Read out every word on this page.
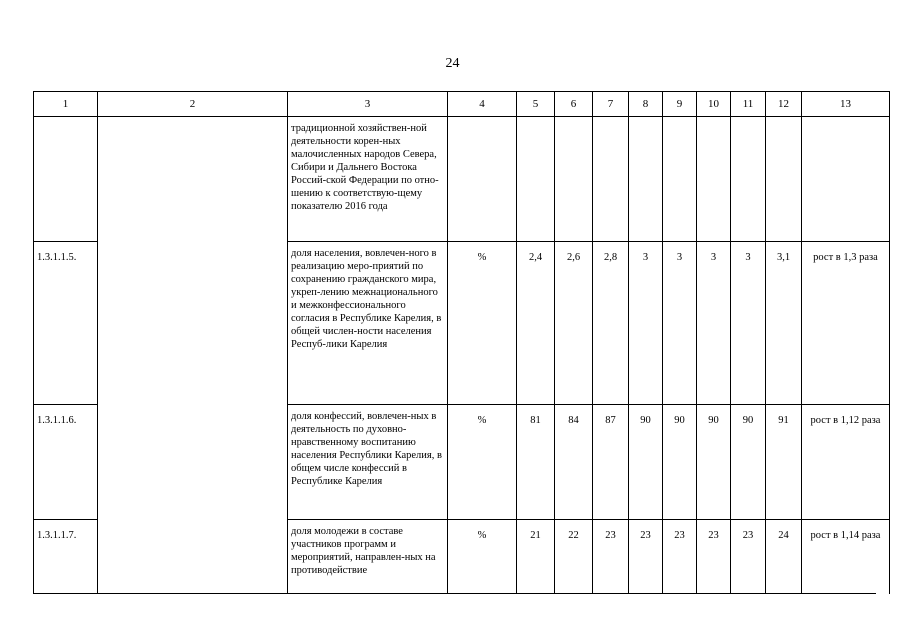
24
1	2	3	4	5	6	7	8	9	10	11	12	13
		традиционной хозяйствен-ной деятельности корен-ных малочисленных народов Севера, Сибири и Дальнего Востока Россий-ской Федерации по отно-шению к соответствую-щему показателю 2016 года										
1.3.1.1.5.		доля населения, вовлечен-ного в реализацию меро-приятий по сохранению гражданского мира, укреп-лению межнационального и межконфессионального согласия в Республике Карелия, в общей числен-ности населения Респуб-лики Карелия	%	2,4	2,6	2,8	3	3	3	3	3,1	рост в 1,3 раза
1.3.1.1.6.		доля конфессий, вовлечен-ных в деятельность по духовно-нравственному воспитанию населения Республики Карелия, в общем числе конфессий в Республике Карелия	%	81	84	87	90	90	90	90	91	рост в 1,12 раза
1.3.1.1.7.		доля молодежи в составе участников программ и мероприятий, направлен-ных на противодействие	%	21	22	23	23	23	23	23	24	рост в 1,14 раза
